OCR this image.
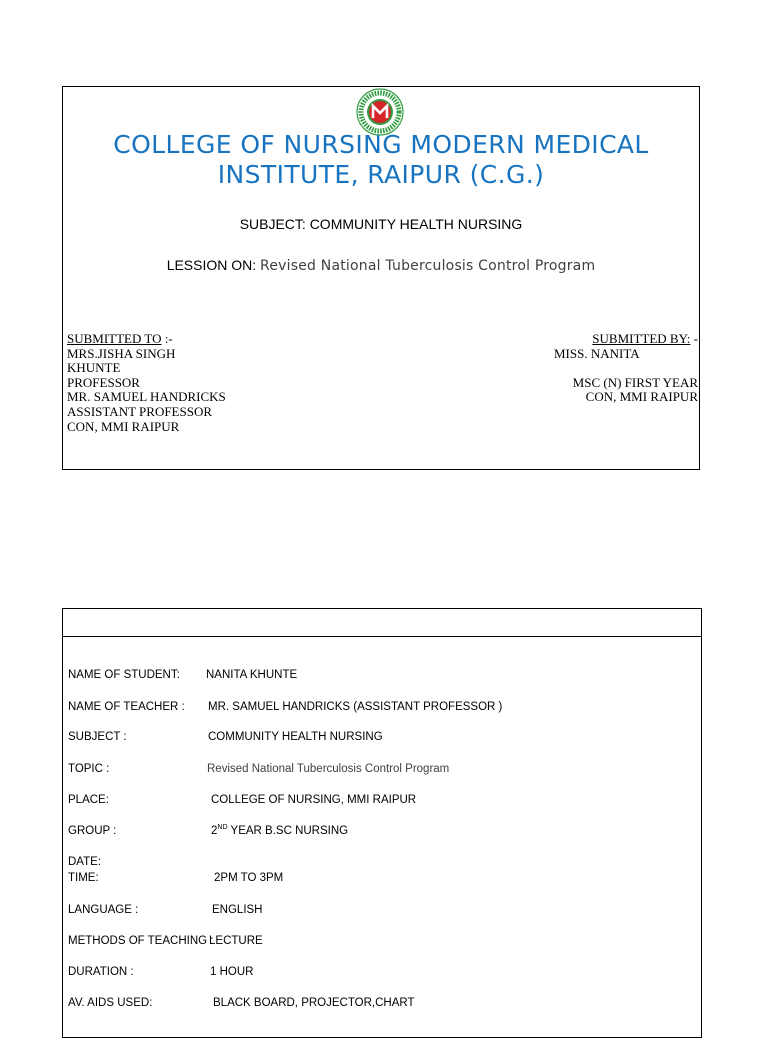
COLLEGE OF NURSING MODERN MEDICAL INSTITUTE, RAIPUR (C.G.)
SUBJECT: COMMUNITY HEALTH NURSING
LESSION ON: Revised National Tuberculosis Control Program
SUBMITTED TO :-
MRS.JISHA SINGH
KHUNTE
PROFESSOR
MR. SAMUEL HANDRICKS
ASSISTANT PROFESSOR
CON, MMI RAIPUR
SUBMITTED BY: -
MISS. NANITA
MSC (N) FIRST YEAR
CON, MMI RAIPUR
NAME OF STUDENT: NANITA KHUNTE
NAME OF TEACHER : MR. SAMUEL HANDRICKS (ASSISTANT PROFESSOR )
SUBJECT :	COMMUNITY HEALTH NURSING
TOPIC :	Revised National Tuberculosis Control Program
PLACE:	COLLEGE OF NURSING, MMI RAIPUR
GROUP :	2ND YEAR B.SC NURSING
DATE:
TIME:	2PM TO 3PM
LANGUAGE :	ENGLISH
METHODS OF TEACHING :
LECTURE
DURATION :	1 HOUR
AV. AIDS USED:	BLACK BOARD, PROJECTOR,CHART
